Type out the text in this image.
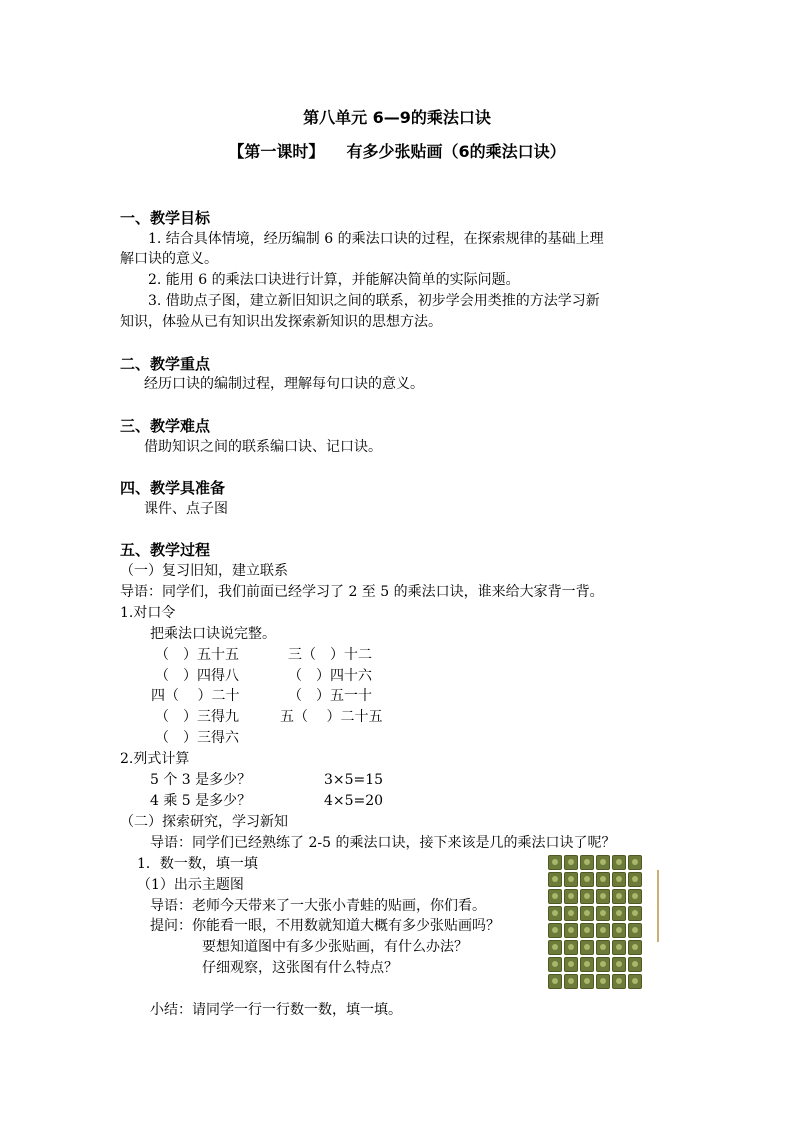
第八单元 6—9的乘法口诀
【第一课时】 有多少张贴画（6的乘法口诀）
一、教学目标
1. 结合具体情境，经历编制 6 的乘法口诀的过程，在探索规律的基础上理
解口诀的意义。
2. 能用 6 的乘法口诀进行计算，并能解决简单的实际问题。
3. 借助点子图，建立新旧知识之间的联系，初步学会用类推的方法学习新
知识，体验从已有知识出发探索新知识的思想方法。
二、教学重点
经历口诀的编制过程，理解每句口诀的意义。
三、教学难点
借助知识之间的联系编口诀、记口诀。
四、教学具准备
课件、点子图
五、教学过程
（一）复习旧知，建立联系
导语：同学们，我们前面已经学习了 2 至 5 的乘法口诀，谁来给大家背一背。
1.对口令
把乘法口诀说完整。
（　）五十五	三（　）十二
（　）四得八	（　）四十六
四（　 ）二十	（　）五一十
（　）三得九	五（　 ）二十五
（　）三得六
2.列式计算
5 个 3 是多少？	3×5=15
4 乘 5 是多少？	4×5=20
（二）探索研究，学习新知
导语：同学们已经熟练了 2-5 的乘法口诀，接下来该是几的乘法口诀了呢？
1．数一数，填一填
（1）出示主题图
导语：老师今天带来了一大张小青蛙的贴画，你们看。
提问：你能看一眼，不用数就知道大概有多少张贴画吗？
要想知道图中有多少张贴画，有什么办法？
仔细观察，这张图有什么特点？
小结：请同学一行一行数一数，填一填。
